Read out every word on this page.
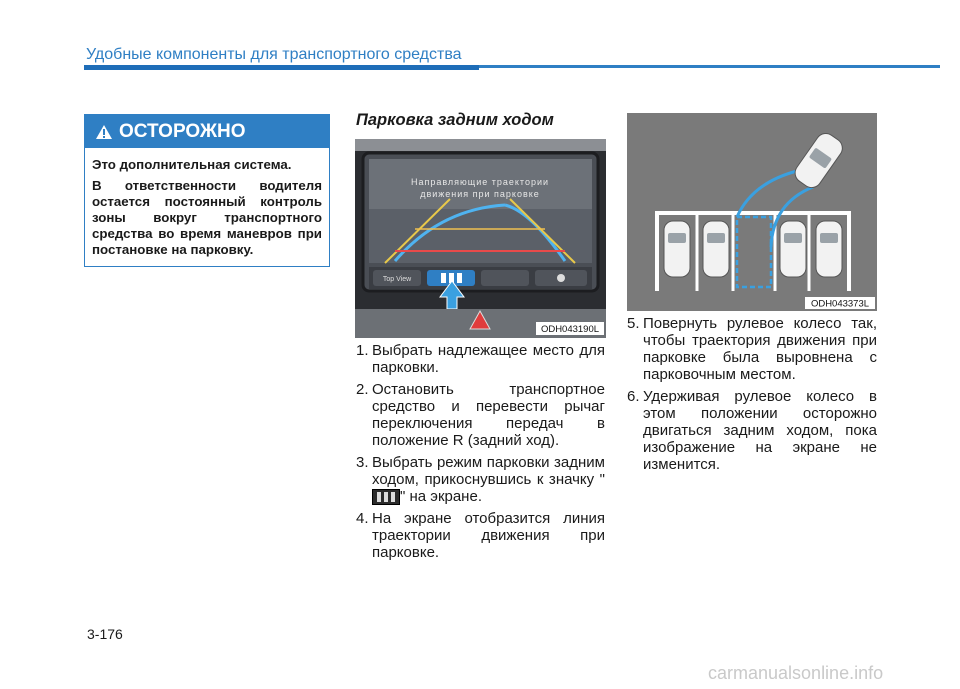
Удобные компоненты для транспортного средства
ОСТОРОЖНО

Это дополнительная система.

В ответственности водителя остается постоянный контроль зоны вокруг транспортного средства во время маневров при постановке на парковку.

Парковка задним ходом
Направляющие траектории
движения при парковке
Top View
ODH043190L
ODH043373L
1. Выбрать надлежащее место для парковки.
2. Остановить транспортное средство и перевести рычаг переключения передач в положение R (задний ход).
3. Выбрать режим парковки задним ходом, прикоснувшись к значку "" на экране.
4. На экране отобразится линия траектории движения при парковке.
5. Повернуть рулевое колесо так, чтобы траектория движения при парковке была выровнена с парковочным местом.
6. Удерживая рулевое колесо в этом положении осторожно двигаться задним ходом, пока изображение на экране не изменится.
3-176
carmanualsonline.info
